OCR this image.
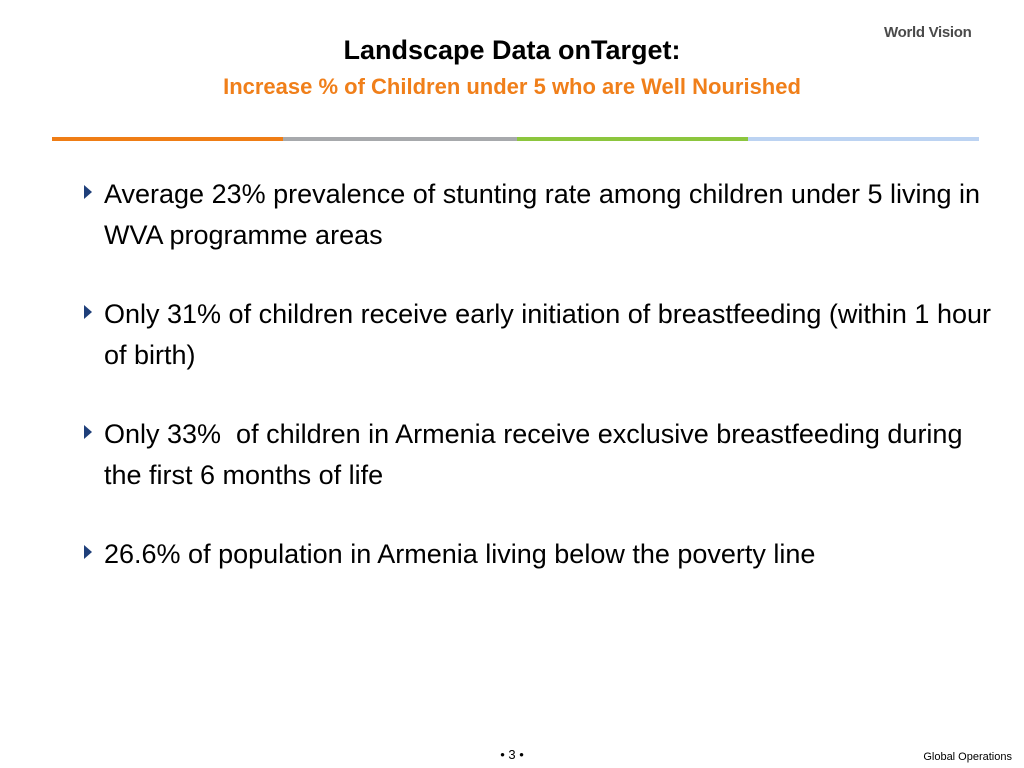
World Vision
Landscape Data onTarget:
Increase % of Children under 5 who are Well Nourished
Average 23% prevalence of stunting rate among children under 5 living in WVA programme areas
Only 31% of children receive early initiation of breastfeeding (within 1 hour of birth)
Only 33%  of children in Armenia receive exclusive breastfeeding during the first 6 months of life
26.6% of population in Armenia living below the poverty line
• 3 •	Global Operations
